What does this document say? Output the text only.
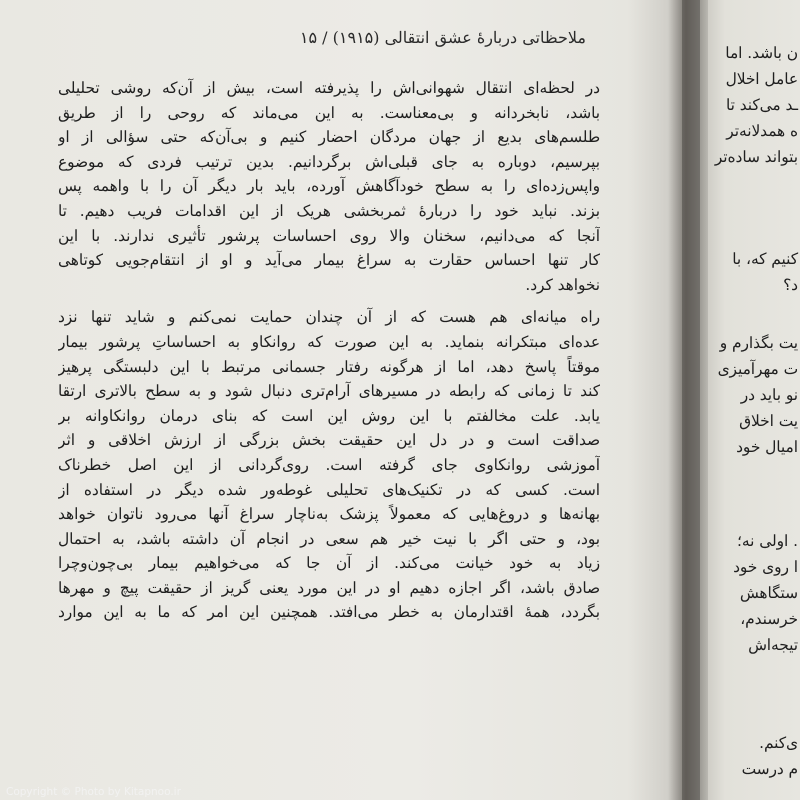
ملاحظاتی دربارهٔ عشق انتقالی (۱۹۱۵) / ۱۵
در لحظه‌ای انتقال شهوانی‌اش را پذیرفته است، بیش از آن‌که روشی تحلیلی
باشد، نابخردانه و بی‌معناست. به این می‌ماند که روحی را از طریق
طلسم‌های بدیع از جهان مردگان احضار کنیم و بی‌آن‌که حتی سؤالی از او
بپرسیم، دوباره به جای قبلی‌اش برگردانیم. بدین ترتیب فردی که موضوع
واپس‌زده‌ای را به سطح خودآگاهش آورده، باید بار دیگر آن را با واهمه پس
بزند. نباید خود را دربارهٔ ثمربخشی هریک از این اقدامات فریب دهیم. تا
آنجا که می‌دانیم، سخنان والا روی احساسات پرشور تأثیری ندارند. با این
کار تنها احساس حقارت به سراغ بیمار می‌آید و او از انتقام‌جویی کوتاهی
نخواهد کرد.
راه میانه‌ای هم هست که از آن چندان حمایت نمی‌کنم و شاید تنها نزد
عده‌ای مبتکرانه بنماید. به این صورت که روانکاو به احساساتِ پرشور بیمار
موقتاً پاسخ دهد، اما از هرگونه رفتار جسمانی مرتبط با این دلبستگی پرهیز
کند تا زمانی که رابطه در مسیرهای آرام‌تری دنبال شود و به سطح بالاتری ارتقا
یابد. علت مخالفتم با این روش این است که بنای درمان روانکاوانه بر
صداقت است و در دل این حقیقت بخش بزرگی از ارزش اخلاقی و اثر
آموزشی روانکاوی جای گرفته است. روی‌گردانی از این اصل خطرناک
است. کسی که در تکنیک‌های تحلیلی غوطه‌ور شده دیگر در استفاده از
بهانه‌ها و دروغ‌هایی که معمولاً پزشک به‌ناچار سراغ آنها می‌رود ناتوان خواهد
بود، و حتی اگر با نیت خیر هم سعی در انجام آن داشته باشد، به احتمال
زیاد به خود خیانت می‌کند. از آن جا که می‌خواهیم بیمار بی‌چون‌وچرا
صادق باشد، اگر اجازه دهیم او در این مورد یعنی گریز از حقیقت پیچ و مهرها
بگردد، همهٔ اقتدارمان به خطر می‌افتد. همچنین این امر که ما به این موارد
ن باشد. اما
عامل اخلال
ـد می‌کند تا
ه همدلانه‌تر
بتواند ساده‌تر
کنیم که، با
د؟
یت بگذارم و
ت مهرآمیزی
نو باید در
یت اخلاق
امیال خود
. اولی نه؛
ا روی خود
ستگاهش
خرسندم،
تیجه‌اش
ی‌کنم.
م درست
Copyright © Photo by Kitapnoo.ir
